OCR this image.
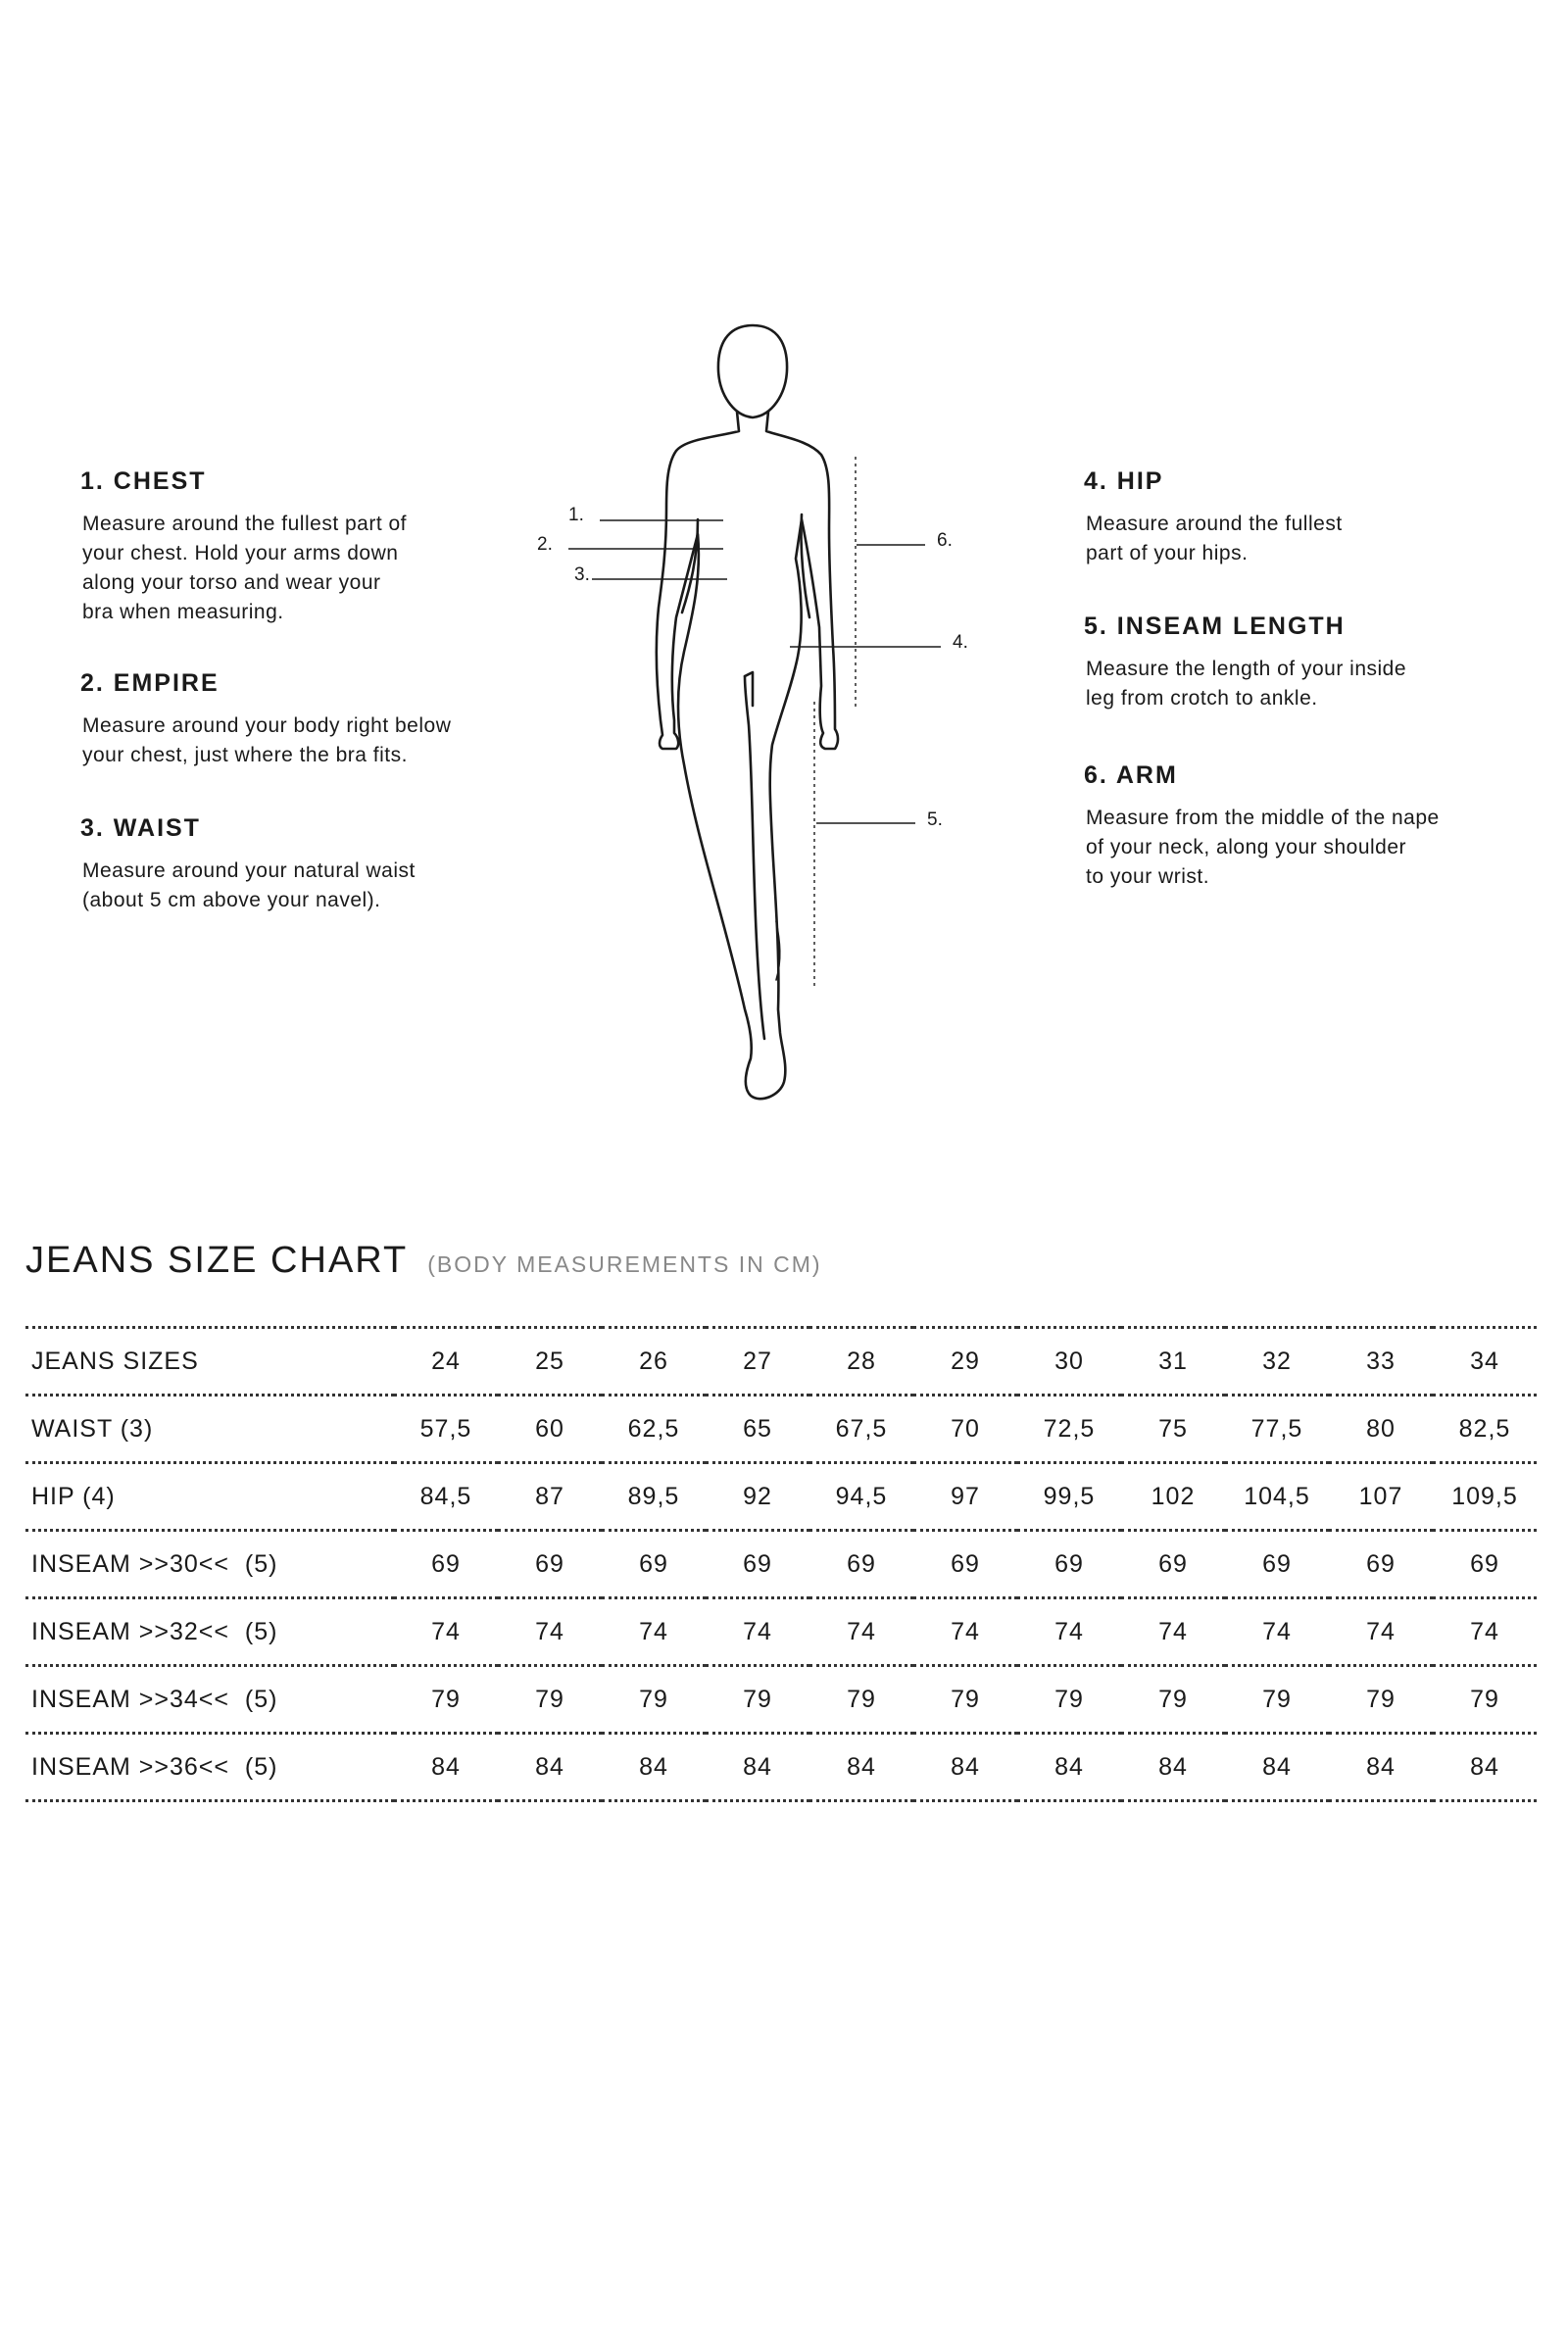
1. CHEST

Measure around the fullest part of
your chest. Hold your arms down
along your torso and wear your
bra when measuring.

2. EMPIRE

Measure around your body right below
your chest, just where the bra fits.

3. WAIST

Measure around your natural waist
(about 5 cm above your navel).

4. HIP

Measure around the fullest
part of your hips.

5. INSEAM LENGTH

Measure the length of your inside
leg from crotch to ankle.

6. ARM

Measure from the middle of the nape
of your neck, along your shoulder
to your wrist.

1.
2.
3.
4.
5.
6.
JEANS SIZE CHART (BODY MEASUREMENTS IN CM)
JEANS SIZES	24	25	26	27	28	29	30	31	32	33	34
WAIST (3)	57,5	60	62,5	65	67,5	70	72,5	75	77,5	80	82,5
HIP (4)	84,5	87	89,5	92	94,5	97	99,5	102	104,5	107	109,5
INSEAM >>30<<  (5)	69	69	69	69	69	69	69	69	69	69	69
INSEAM >>32<<  (5)	74	74	74	74	74	74	74	74	74	74	74
INSEAM >>34<<  (5)	79	79	79	79	79	79	79	79	79	79	79
INSEAM >>36<<  (5)	84	84	84	84	84	84	84	84	84	84	84
